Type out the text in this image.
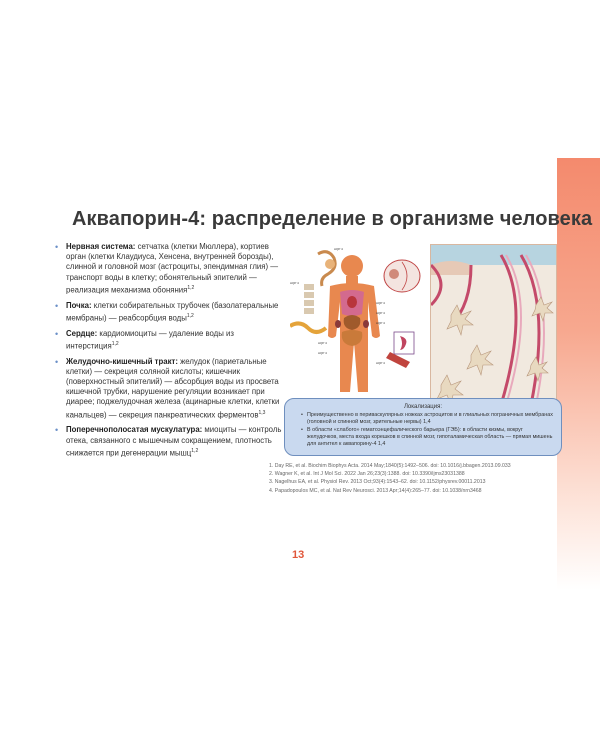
Аквапорин-4: распределение в организме человека
• Нервная система: сетчатка (клетки Мюллера), кортиев орган (клетки Клаудиуса, Хенсена, внутренней борозды), слинной и головной мозг (астроциты, эпендимная глия) — транспорт воды в клетку; обонятельный эпителий — реализация механизма обоняния$^{1,2}$
• Почка: клетки собирательных трубочек (базолатеральные мембраны) — реабсорбция воды$^{1,2}$
• Сердце: кардиомиоциты — удаление воды из интерстиция$^{1,2}$
• Желудочно-кишечный тракт: желудок (париетальные клетки) — секреция соляной кислоты; кишечник (поверхностный эпителий) — абсорбция воды из просвета кишечной трубки, нарушение регуляции возникает при диарее; поджелудочная железа (ацинарные клетки, клетки канальцев) — секреция панкреатических ферментов$^{1,3}$
• Поперечнополосатая мускулатура: миоциты — контроль отека, связанного с мышечным сокращением, плотность снижается при дегенерации мышц$^{1,2}$
AQP 4
AQP 4
AQP 4
AQP 4
AQP 4
AQP 4
AQP 4
AQP 4
Локализация:
• Преимущественно в периваскулярных ножках астроцитов и в глиальных пограничных мембранах (головной и спинной мозг, зрительные нервы) 1,4
• В области «слабого» гематоэнцефалического барьера (ГЭБ): в области кизмы, вокруг желудочков, места входа корешков в спинной мозг, гипоталамическая область — прямая мишень для антител к аквапорину-4 1,4
1. Day RE, et al. Biochim Biophys Acta. 2014 May;1840(5):1492–506. doi: 10.1016/j.bbagen.2013.09.033
2. Wagner K, et al. Int J Mol Sci. 2022 Jan 26;23(3):1388. doi: 10.3390/ijms23031388
3. Nagelhus EA, et al. Physiol Rev. 2013 Oct;93(4):1543–62. doi: 10.1152/physrev.00011.2013
4. Papadopoulos MC, et al. Nat Rev Neurosci. 2013 Apr;14(4):265–77. doi: 10.1038/nrn3468
13
